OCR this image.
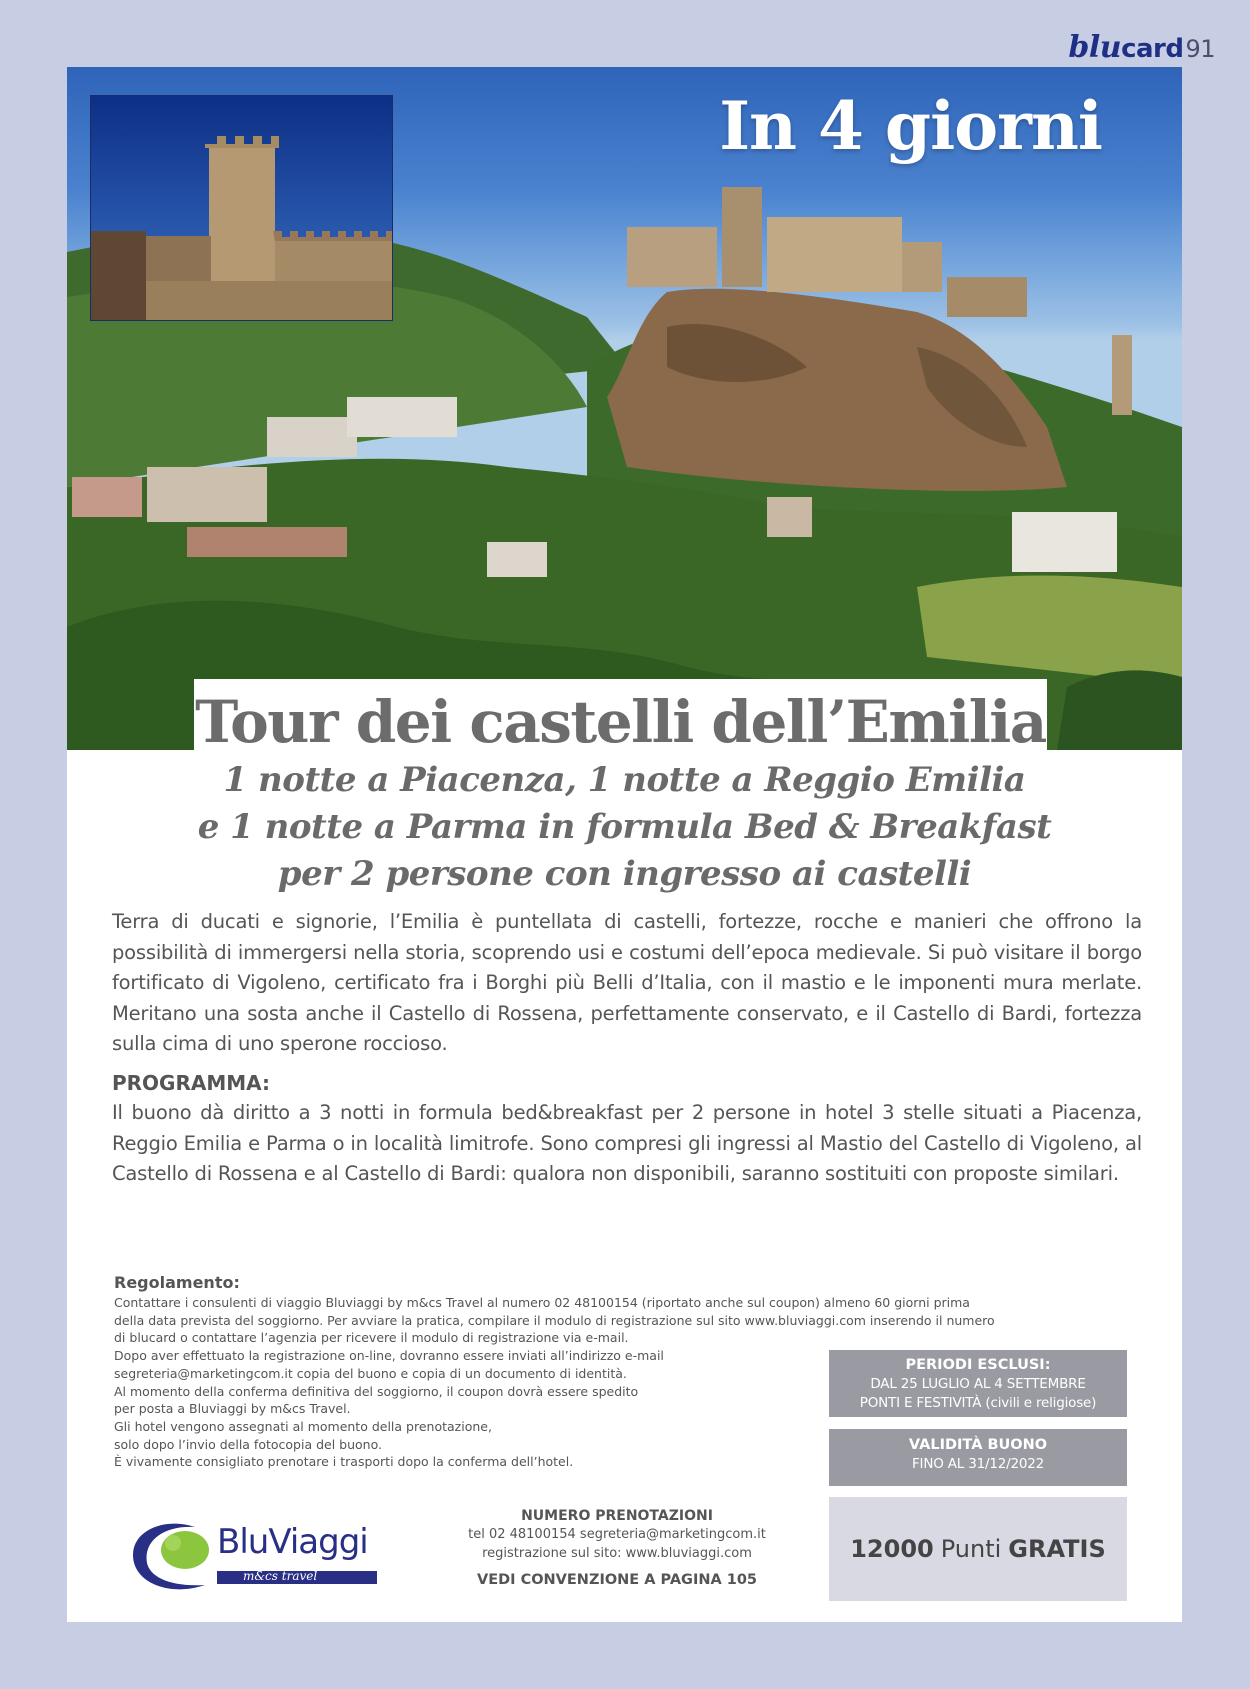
blucard91
In 4 giorni
Tour dei castelli dell’Emilia
1 notte a Piacenza, 1 notte a Reggio Emilia
e 1 notte a Parma in formula Bed & Breakfast
per 2 persone con ingresso ai castelli

Terra di ducati e signorie, l’Emilia è puntellata di castelli, fortezze, rocche e manieri che offrono la possibilità di immergersi nella storia, scoprendo usi e costumi dell’epoca medievale. Si può visitare il borgo fortificato di Vigoleno, certificato fra i Borghi più Belli d’Italia, con il mastio e le imponenti mura merlate. Meritano una sosta anche il Castello di Rossena, perfettamente conservato, e il Castello di Bardi, fortezza sulla cima di uno sperone roccioso.

PROGRAMMA:

Il buono dà diritto a 3 notti in formula bed&breakfast per 2 persone in hotel 3 stelle situati a Piacenza, Reggio Emilia e Parma o in località limitrofe. Sono compresi gli ingressi al Mastio del Castello di Vigoleno, al Castello di Rossena e al Castello di Bardi: qualora non disponibili, saranno sostituiti con proposte similari.

Regolamento:
Contattare i consulenti di viaggio Bluviaggi by m&cs Travel al numero 02 48100154 (riportato anche sul coupon) almeno 60 giorni prima
della data prevista del soggiorno. Per avviare la pratica, compilare il modulo di registrazione sul sito www.bluviaggi.com inserendo il numero
di blucard o contattare l’agenzia per ricevere il modulo di registrazione via e-mail.
Dopo aver effettuato la registrazione on-line, dovranno essere inviati all’indirizzo e-mail
segreteria@marketingcom.it copia del buono e copia di un documento di identità.
Al momento della conferma definitiva del soggiorno, il coupon dovrà essere spedito
per posta a Bluviaggi by m&cs Travel.
Gli hotel vengono assegnati al momento della prenotazione,
solo dopo l’invio della fotocopia del buono.
È vivamente consigliato prenotare i trasporti dopo la conferma dell’hotel.
PERIODI ESCLUSI:
DAL 25 LUGLIO AL 4 SETTEMBRE
PONTI E FESTIVITÀ (civili e religiose)
VALIDITÀ BUONO
FINO AL 31/12/2022
12000 Punti GRATIS
NUMERO PRENOTAZIONI
tel 02 48100154 segreteria@marketingcom.it
registrazione sul sito: www.bluviaggi.com
VEDI CONVENZIONE A PAGINA 105
BluViaggi
m&cs travel
